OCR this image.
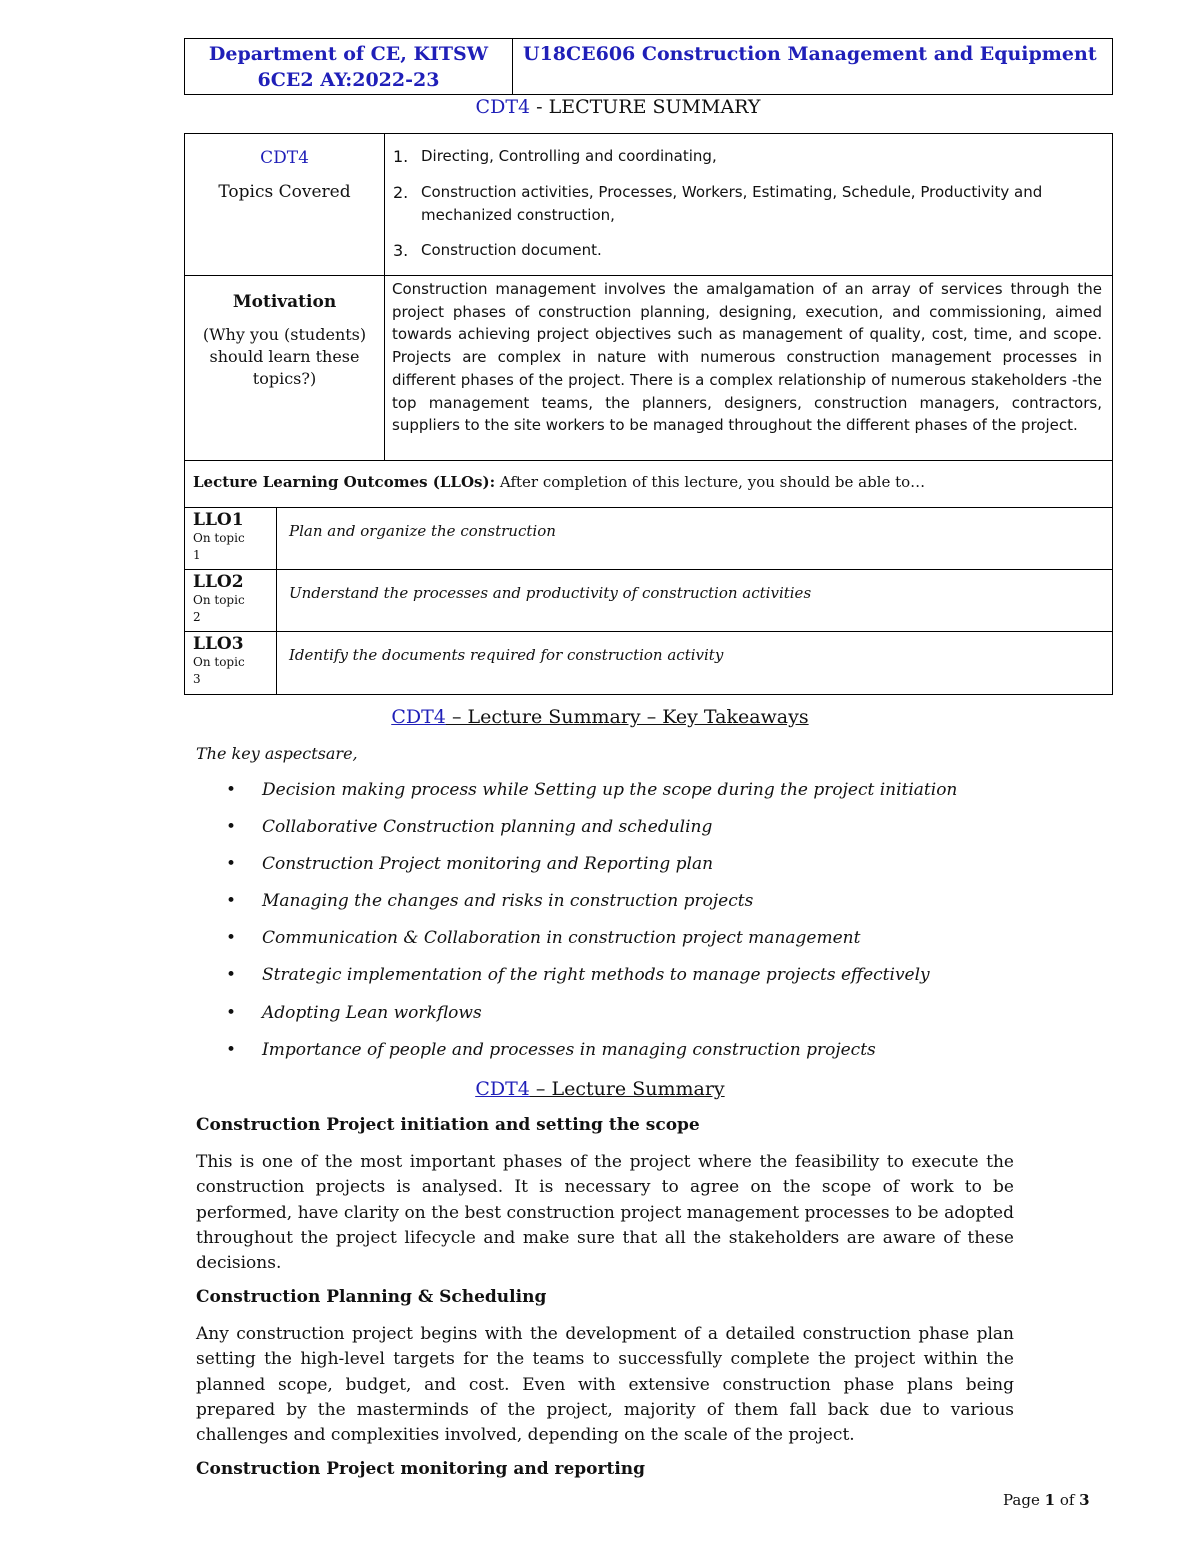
Department of CE, KITSW
6CE2 AY:2022-23
	U18CE606 Construction Management and Equipment
CDT4 - LECTURE SUMMARY
CDT4
Topics Covered

1. Directing, Controlling and coordinating,
2. Construction activities, Processes, Workers, Estimating, Schedule, Productivity and mechanized construction,
3. Construction document.

Motivation
(Why you (students) should learn these topics?)
	Construction management involves the amalgamation of an array of services through the project phases of construction planning, designing, execution, and commissioning, aimed towards achieving project objectives such as management of quality, cost, time, and scope. Projects are complex in nature with numerous construction management processes in different phases of the project. There is a complex relationship of numerous stakeholders -the top management teams, the planners, designers, construction managers, contractors, suppliers to the site workers to be managed throughout the different phases of the project.

Lecture Learning Outcomes (LLOs): After completion of this lecture, you should be able to…

LLO1
On topic
1
	Plan and organize the construction

LLO2
On topic
2
	Understand the processes and productivity of construction activities

LLO3
On topic
3
	Identify the documents required for construction activity
CDT4 – Lecture Summary – Key Takeaways
The key aspectsare,
•	Decision making process while Setting up the scope during the project initiation
•	Collaborative Construction planning and scheduling
•	Construction Project monitoring and Reporting plan
•	Managing the changes and risks in construction projects
•	Communication & Collaboration in construction project management
•	Strategic implementation of the right methods to manage projects effectively
•	Adopting Lean workflows
•	Importance of people and processes in managing construction projects
CDT4 – Lecture Summary
Construction Project initiation and setting the scope
This is one of the most important phases of the project where the feasibility to execute the construction projects is analysed. It is necessary to agree on the scope of work to be performed, have clarity on the best construction project management processes to be adopted throughout the project lifecycle and make sure that all the stakeholders are aware of these decisions.
Construction Planning & Scheduling
Any construction project begins with the development of a detailed construction phase plan setting the high-level targets for the teams to successfully complete the project within the planned scope, budget, and cost. Even with extensive construction phase plans being prepared by the masterminds of the project, majority of them fall back due to various challenges and complexities involved, depending on the scale of the project.
Construction Project monitoring and reporting
Page 1 of 3
